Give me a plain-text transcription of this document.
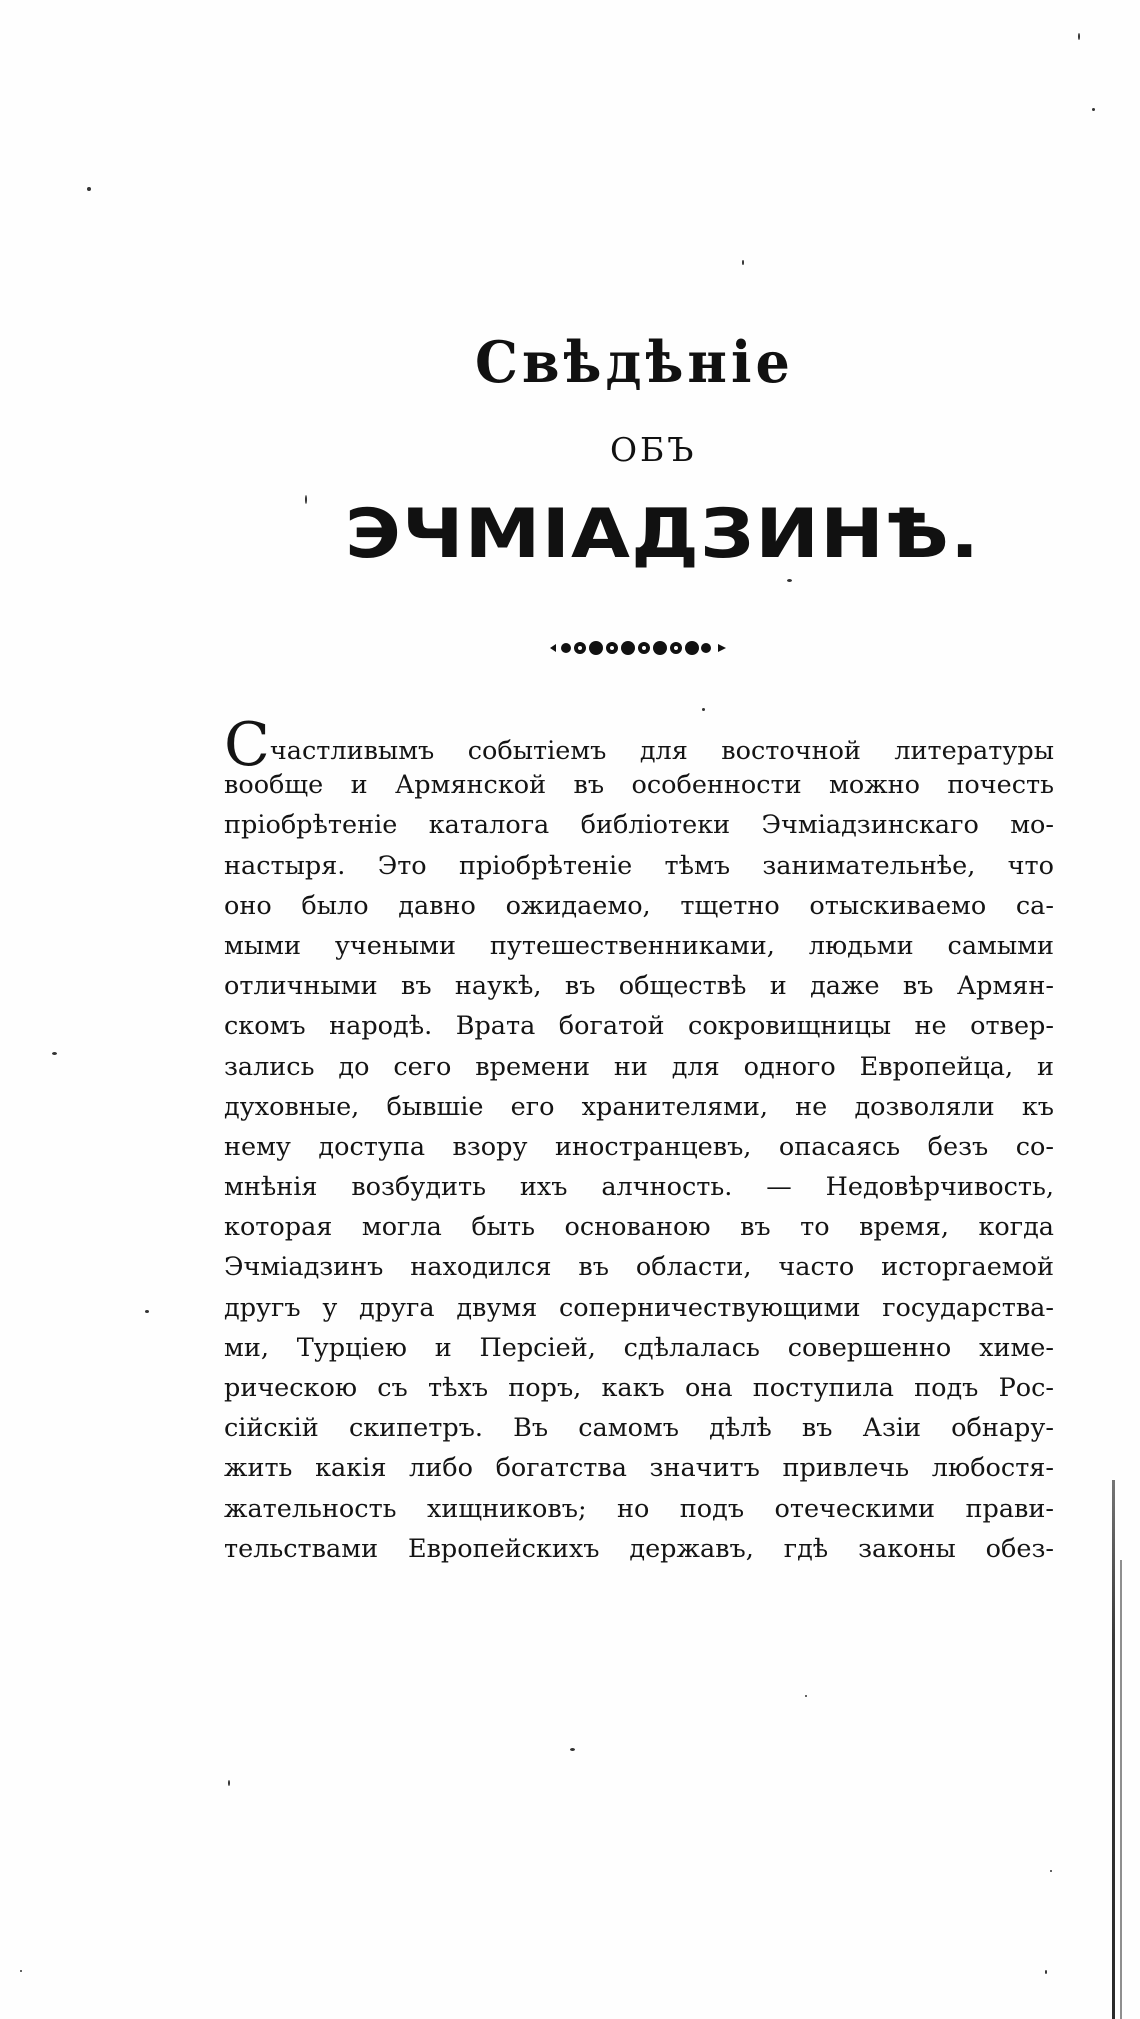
Свѣдѣнiе
ОБЪ
ЭЧМIАДЗИНѢ.
Счастливымъ событiемъ для восточной литературы
вообще и Армянской въ особенности можно почесть
прiобрѣтенiе каталога библiотеки Эчмiадзинскаго мо-
настыря. Это прiобрѣтенiе тѣмъ занимательнѣе, что
оно было давно ожидаемо, тщетно отыскиваемо са-
мыми учеными путешественниками, людьми самыми
отличными въ наукѣ, въ обществѣ и даже въ Армян-
скомъ народѣ. Врата богатой сокровищницы не отвер-
зались до сего времени ни для одного Европейца, и
духовные, бывшiе его хранителями, не дозволяли къ
нему доступа взору иностранцевъ, опасаясь безъ со-
мнѣнiя возбудить ихъ алчность. — Недовѣрчивость,
которая могла быть основаною въ то время, когда
Эчмiадзинъ находился въ области, часто исторгаемой
другъ у друга двумя соперничествующими государства-
ми, Турцiею и Персiей, сдѣлалась совершенно химе-
рическою съ тѣхъ поръ, какъ она поступила подъ Рос-
сiйскiй скипетръ. Въ самомъ дѣлѣ въ Азiи обнару-
жить какiя либо богатства значитъ привлечь любостя-
жательность хищниковъ; но подъ отеческими прави-
тельствами Европейскихъ державъ, гдѣ законы обез-
